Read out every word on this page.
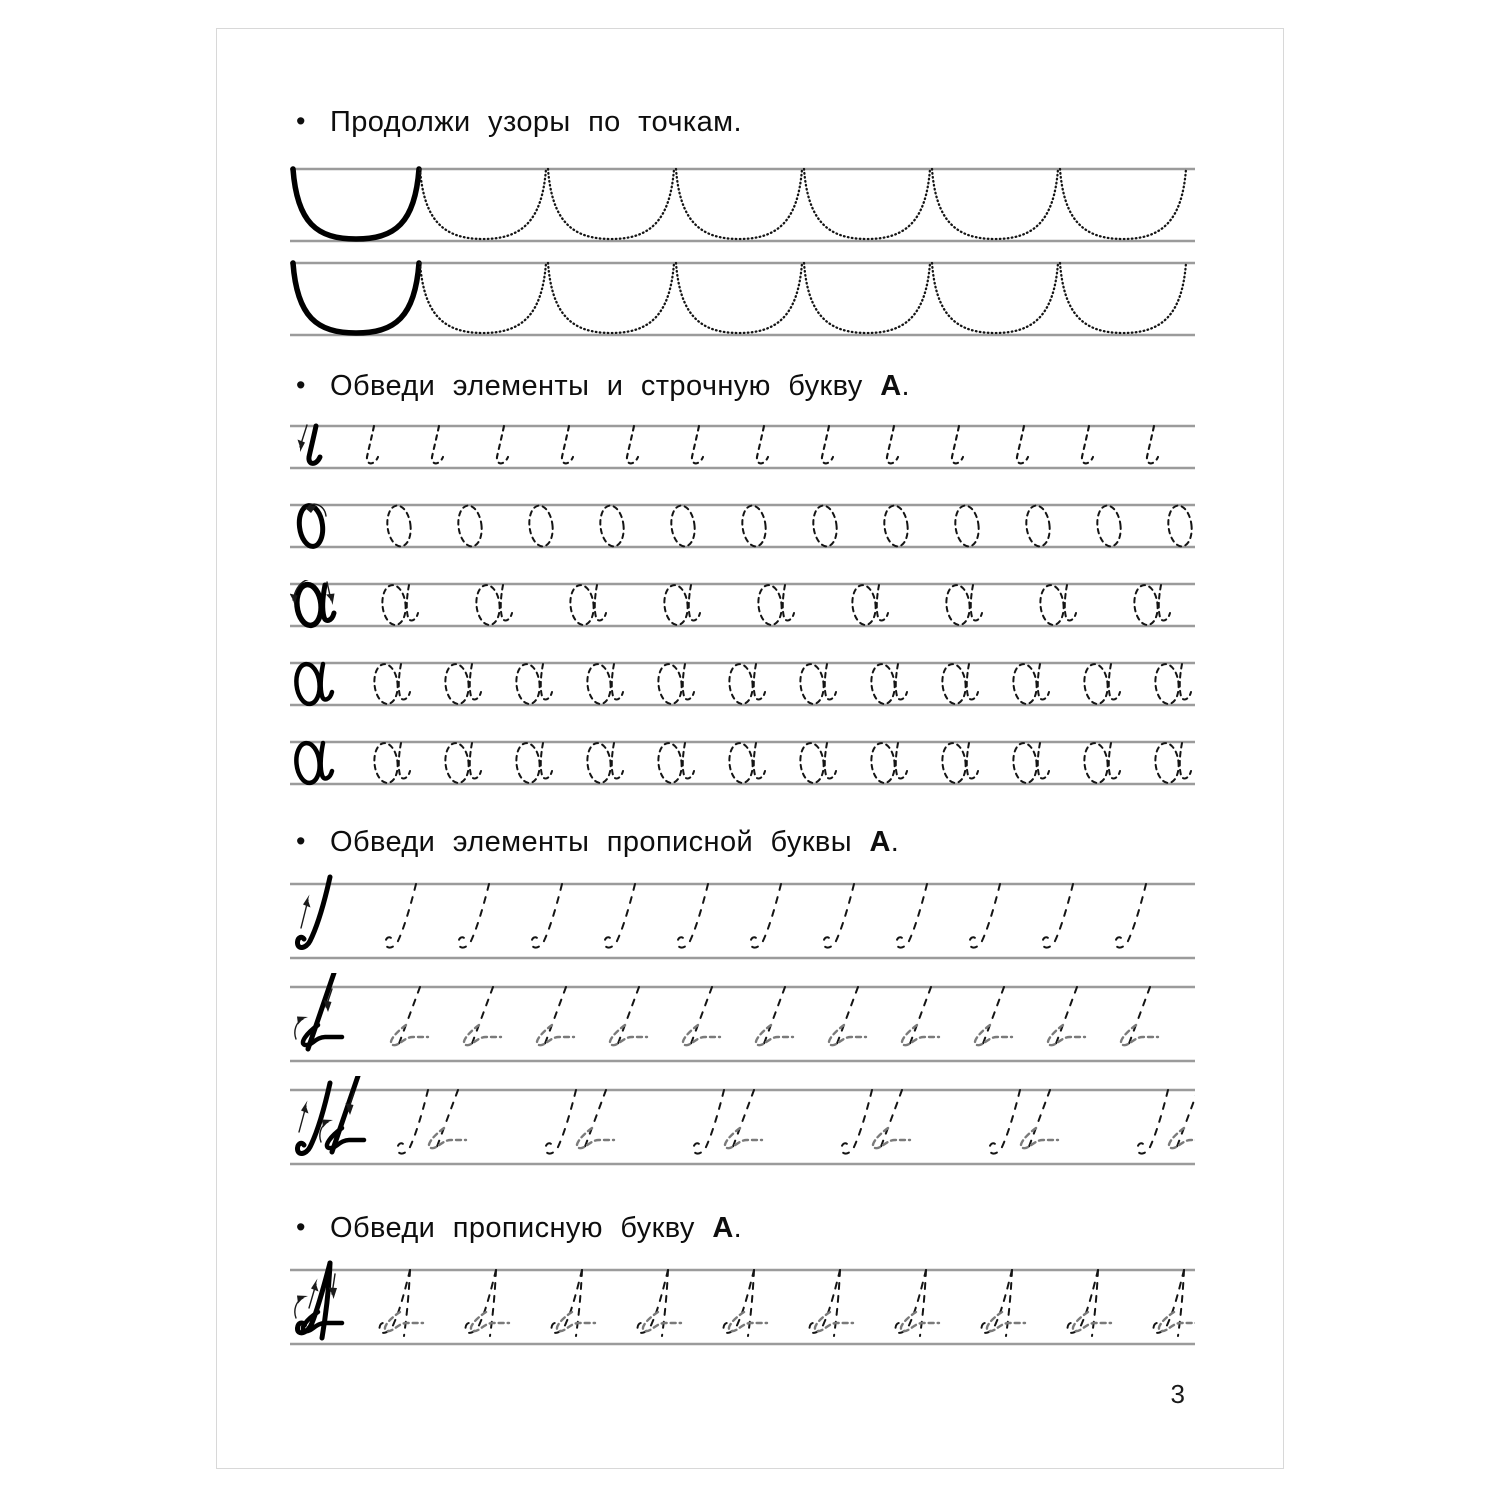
• Продолжи узоры по точкам.

• Обведи элементы и строчную букву А.

• Обведи элементы прописной буквы А.

• Обведи прописную букву А.

3
